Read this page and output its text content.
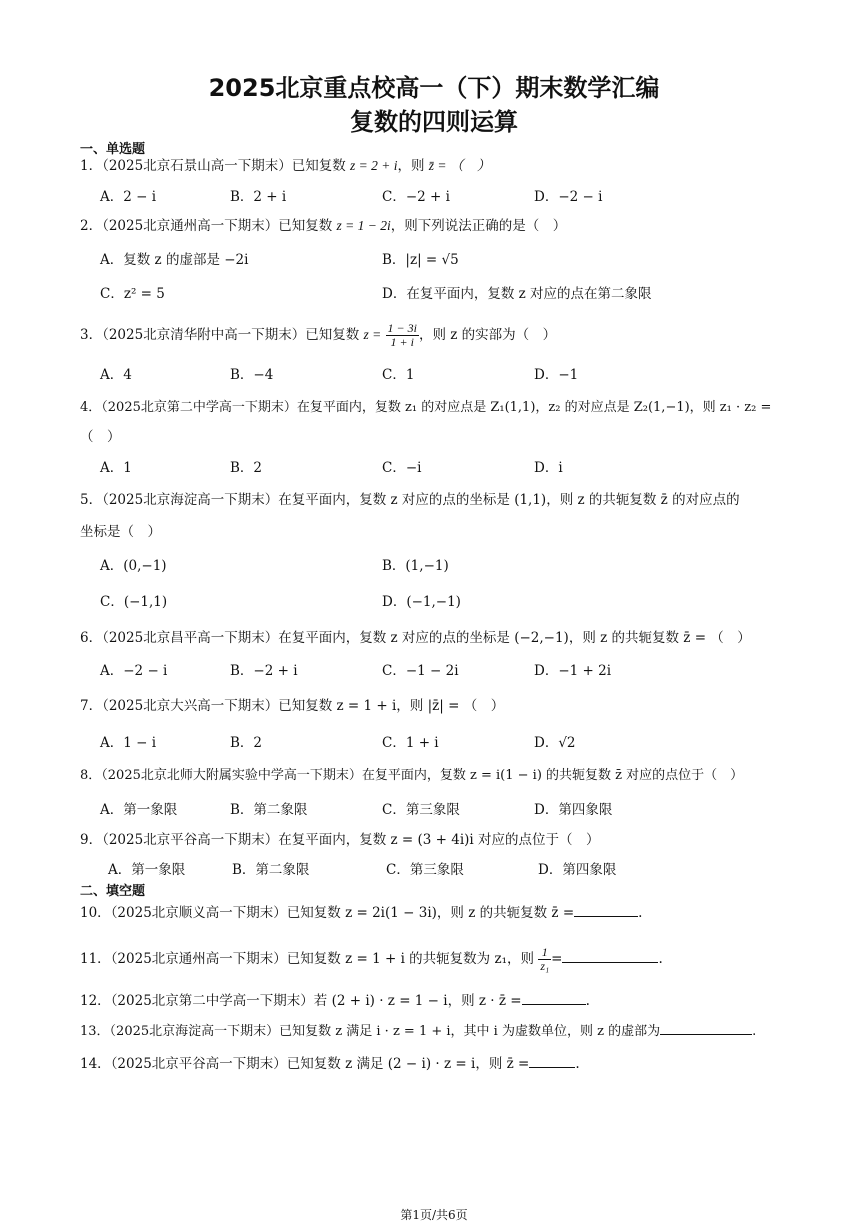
2025北京重点校高一（下）期末数学汇编
复数的四则运算
一、单选题
1．（2025北京石景山高一下期末）已知复数 z = 2 + i，则 z̄ = （　）
A．2 − i	B．2 + i	C．−2 + i	D．−2 − i
2．（2025北京通州高一下期末）已知复数 z = 1 − 2i，则下列说法正确的是（　）
A．复数 z 的虚部是 −2i	B．|z| = √5
C．z² = 5	D．在复平面内，复数 z 对应的点在第二象限
3．（2025北京清华附中高一下期末）已知复数 $z = \frac{1 - 3i}{1 + i}$ ，则 z 的实部为（　）
A．4	B．−4	C．1	D．−1
4．（2025北京第二中学高一下期末）在复平面内，复数 z₁ 的对应点是 Z₁(1,1)，z₂ 的对应点是 Z₂(1,−1)，则 z₁ · z₂ =
（　）
A．1	B．2	C．−i	D．i
5．（2025北京海淀高一下期末）在复平面内，复数 z 对应的点的坐标是 (1,1)，则 z 的共轭复数 z̄ 的对应点的
坐标是（　）
A．(0,−1)	B．(1,−1)
C．(−1,1)	D．(−1,−1)
6．（2025北京昌平高一下期末）在复平面内，复数 z 对应的点的坐标是 (−2,−1)，则 z 的共轭复数 z̄ = （　）
A．−2 − i	B．−2 + i	C．−1 − 2i	D．−1 + 2i
7．（2025北京大兴高一下期末）已知复数 z = 1 + i，则 |z̄| = （　）
A．1 − i	B．2	C．1 + i	D．√2
8．（2025北京北师大附属实验中学高一下期末）在复平面内，复数 z = i(1 − i) 的共轭复数 z̄ 对应的点位于（　）
A．第一象限	B．第二象限	C．第三象限	D．第四象限
9．（2025北京平谷高一下期末）在复平面内，复数 z = (3 + 4i)i 对应的点位于（　）
A．第一象限	B．第二象限	C．第三象限	D．第四象限
二、填空题
10．（2025北京顺义高一下期末）已知复数 z = 2i(1 − 3i)，则 z 的共轭复数 z̄ =	.
11．（2025北京通州高一下期末）已知复数 z = 1 + i 的共轭复数为 z₁，则 $\frac{1}{\text{z₁}}$ =	.
12．（2025北京第二中学高一下期末）若 (2 + i) · z = 1 − i，则 z · z̄ =	.
13．（2025北京海淀高一下期末）已知复数 z 满足 i · z = 1 + i，其中 i 为虚数单位，则 z 的虚部为	.
14．（2025北京平谷高一下期末）已知复数 z 满足 (2 − i) · z = i，则 z̄ =	.
第1页/共6页
